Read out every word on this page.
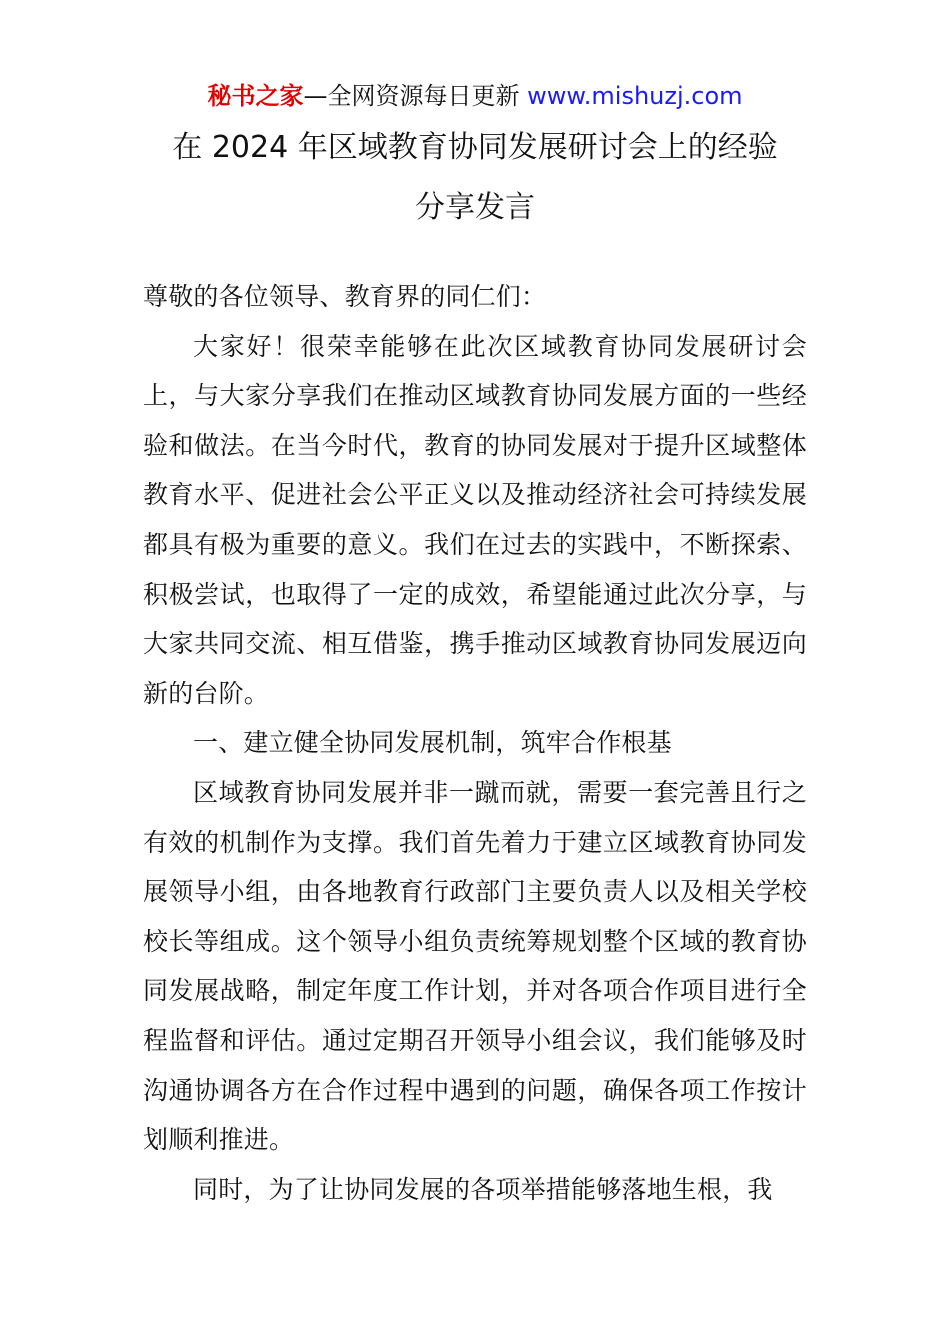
秘书之家—全网资源每日更新 www.mishuzj.com
在 2024 年区域教育协同发展研讨会上的经验
分享发言

尊敬的各位领导、教育界的同仁们：

大家好！很荣幸能够在此次区域教育协同发展研讨会上，与大家分享我们在推动区域教育协同发展方面的一些经验和做法。在当今时代，教育的协同发展对于提升区域整体教育水平、促进社会公平正义以及推动经济社会可持续发展都具有极为重要的意义。我们在过去的实践中，不断探索、积极尝试，也取得了一定的成效，希望能通过此次分享，与大家共同交流、相互借鉴，携手推动区域教育协同发展迈向新的台阶。

一、建立健全协同发展机制，筑牢合作根基

区域教育协同发展并非一蹴而就，需要一套完善且行之有效的机制作为支撑。我们首先着力于建立区域教育协同发展领导小组，由各地教育行政部门主要负责人以及相关学校校长等组成。这个领导小组负责统筹规划整个区域的教育协同发展战略，制定年度工作计划，并对各项合作项目进行全程监督和评估。通过定期召开领导小组会议，我们能够及时沟通协调各方在合作过程中遇到的问题，确保各项工作按计划顺利推进。

同时，为了让协同发展的各项举措能够落地生根，我
